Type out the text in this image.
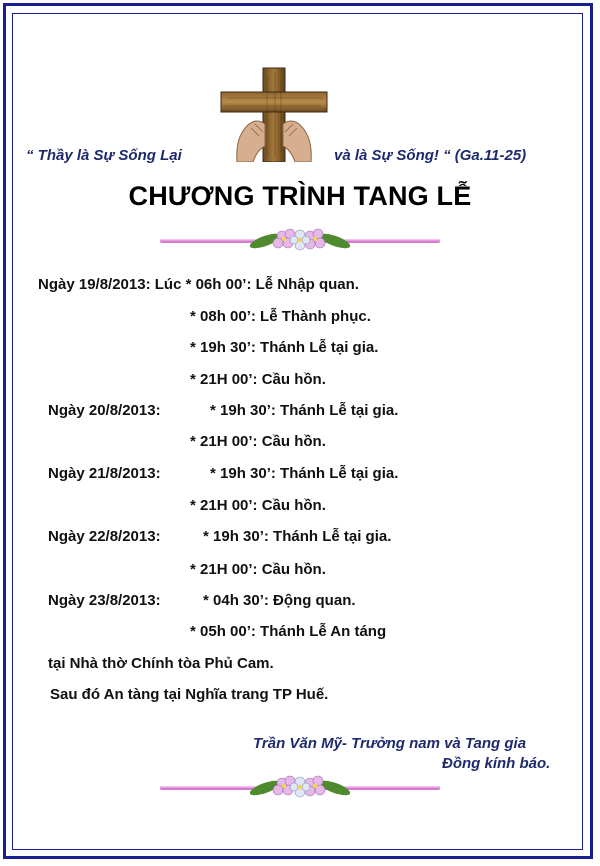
“ Thầy là Sự Sống Lại	và là Sự Sống! “ (Ga.11-25)
CHƯƠNG TRÌNH TANG LỄ
Ngày 19/8/2013: Lúc * 06h 00’: Lễ Nhập quan.
* 08h 00’: Lễ Thành phục.
* 19h 30’: Thánh Lễ tại gia.
* 21H 00’: Cầu hồn.
Ngày 20/8/2013:	* 19h 30’: Thánh Lễ tại gia.
* 21H 00’: Cầu hồn.
Ngày 21/8/2013:	* 19h 30’: Thánh Lễ tại gia.
* 21H 00’: Cầu hồn.
Ngày 22/8/2013:	* 19h 30’: Thánh Lễ tại gia.
* 21H 00’: Cầu hồn.
Ngày 23/8/2013:	* 04h 30’: Động quan.
* 05h 00’: Thánh Lễ An táng
tại Nhà thờ Chính tòa Phủ Cam.
Sau đó An tàng tại Nghĩa trang TP Huế.
Trần Văn Mỹ- Trưởng nam và Tang gia
Đồng kính báo.
